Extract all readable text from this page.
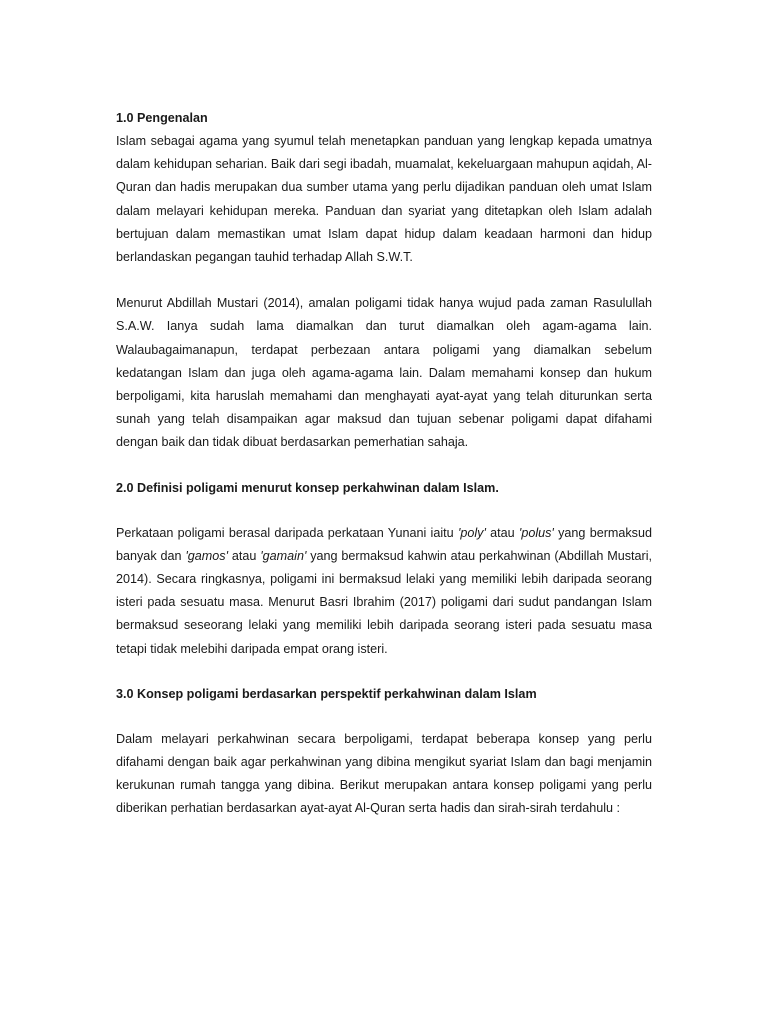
1.0 Pengenalan

Islam sebagai agama yang syumul telah menetapkan panduan yang lengkap kepada umatnya dalam kehidupan seharian. Baik dari segi ibadah, muamalat, kekeluargaan mahupun aqidah, Al-Quran dan hadis merupakan dua sumber utama yang perlu dijadikan panduan oleh umat Islam dalam melayari kehidupan mereka. Panduan dan syariat yang ditetapkan oleh Islam adalah bertujuan dalam memastikan umat Islam dapat hidup dalam keadaan harmoni dan hidup berlandaskan pegangan tauhid terhadap Allah S.W.T.

Menurut Abdillah Mustari (2014), amalan poligami tidak hanya wujud pada zaman Rasulullah S.A.W. Ianya sudah lama diamalkan dan turut diamalkan oleh agam-agama lain. Walaubagaimanapun, terdapat perbezaan antara poligami yang diamalkan sebelum kedatangan Islam dan juga oleh agama-agama lain. Dalam memahami konsep dan hukum berpoligami, kita haruslah memahami dan menghayati ayat-ayat yang telah diturunkan serta sunah yang telah disampaikan agar maksud dan tujuan sebenar poligami dapat difahami dengan baik dan tidak dibuat berdasarkan pemerhatian sahaja.

2.0 Definisi poligami menurut konsep perkahwinan dalam Islam.

Perkataan poligami berasal daripada perkataan Yunani iaitu 'poly' atau 'polus' yang bermaksud banyak dan 'gamos' atau 'gamain' yang bermaksud kahwin atau perkahwinan (Abdillah Mustari, 2014). Secara ringkasnya, poligami ini bermaksud lelaki yang memiliki lebih daripada seorang isteri pada sesuatu masa. Menurut Basri Ibrahim (2017) poligami dari sudut pandangan Islam bermaksud seseorang lelaki yang memiliki lebih daripada seorang isteri pada sesuatu masa tetapi tidak melebihi daripada empat orang isteri.

3.0 Konsep poligami berdasarkan perspektif perkahwinan dalam Islam

Dalam melayari perkahwinan secara berpoligami, terdapat beberapa konsep yang perlu difahami dengan baik agar perkahwinan yang dibina mengikut syariat Islam dan bagi menjamin kerukunan rumah tangga yang dibina. Berikut merupakan antara konsep poligami yang perlu diberikan perhatian berdasarkan ayat-ayat Al-Quran serta hadis dan sirah-sirah terdahulu :
